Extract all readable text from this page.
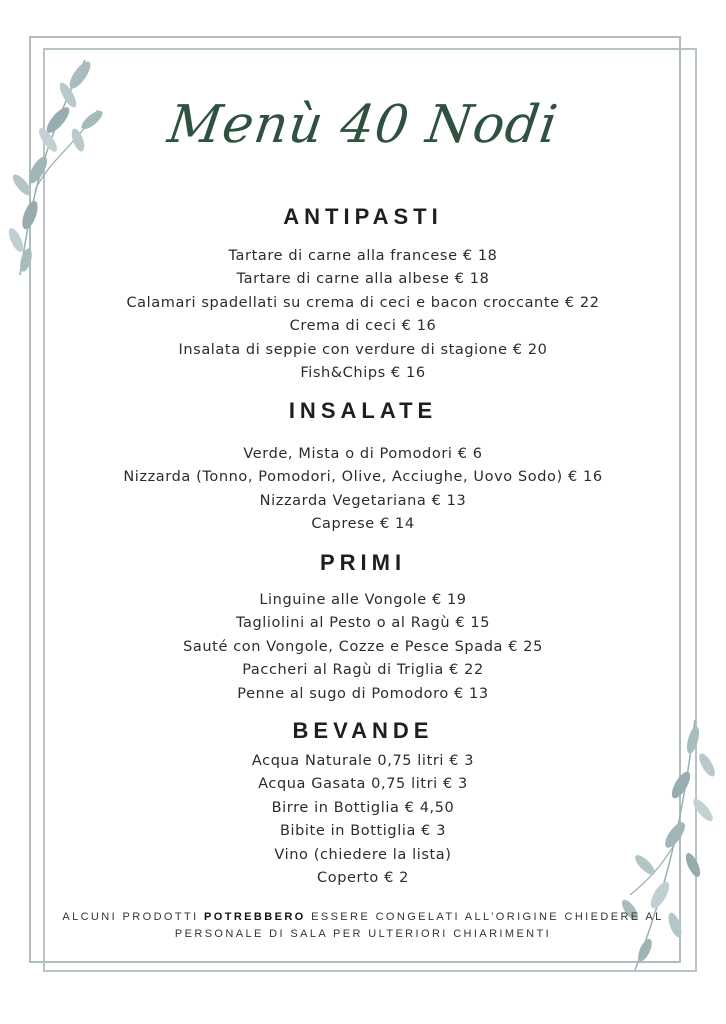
Menù 40 Nodi
ANTIPASTI
Tartare di carne alla francese € 18
Tartare di carne alla albese € 18
Calamari spadellati su crema di ceci e bacon croccante € 22
Crema di ceci € 16
Insalata di seppie con verdure di stagione € 20
Fish&Chips € 16
INSALATE
Verde, Mista o di Pomodori € 6
Nizzarda (Tonno, Pomodori, Olive, Acciughe, Uovo Sodo) € 16
Nizzarda Vegetariana € 13
Caprese € 14
PRIMI
Linguine alle Vongole € 19
Tagliolini al Pesto o al Ragù € 15
Sauté con Vongole, Cozze e Pesce Spada € 25
Paccheri al Ragù di Triglia € 22
Penne al sugo di Pomodoro € 13
BEVANDE
Acqua Naturale 0,75 litri € 3
Acqua Gasata 0,75 litri € 3
Birre in Bottiglia € 4,50
Bibite in Bottiglia € 3
Vino (chiedere la lista)
Coperto € 2
ALCUNI PRODOTTI POTREBBERO ESSERE CONGELATI ALL’ORIGINE CHIEDERE AL
PERSONALE DI SALA PER ULTERIORI CHIARIMENTI
